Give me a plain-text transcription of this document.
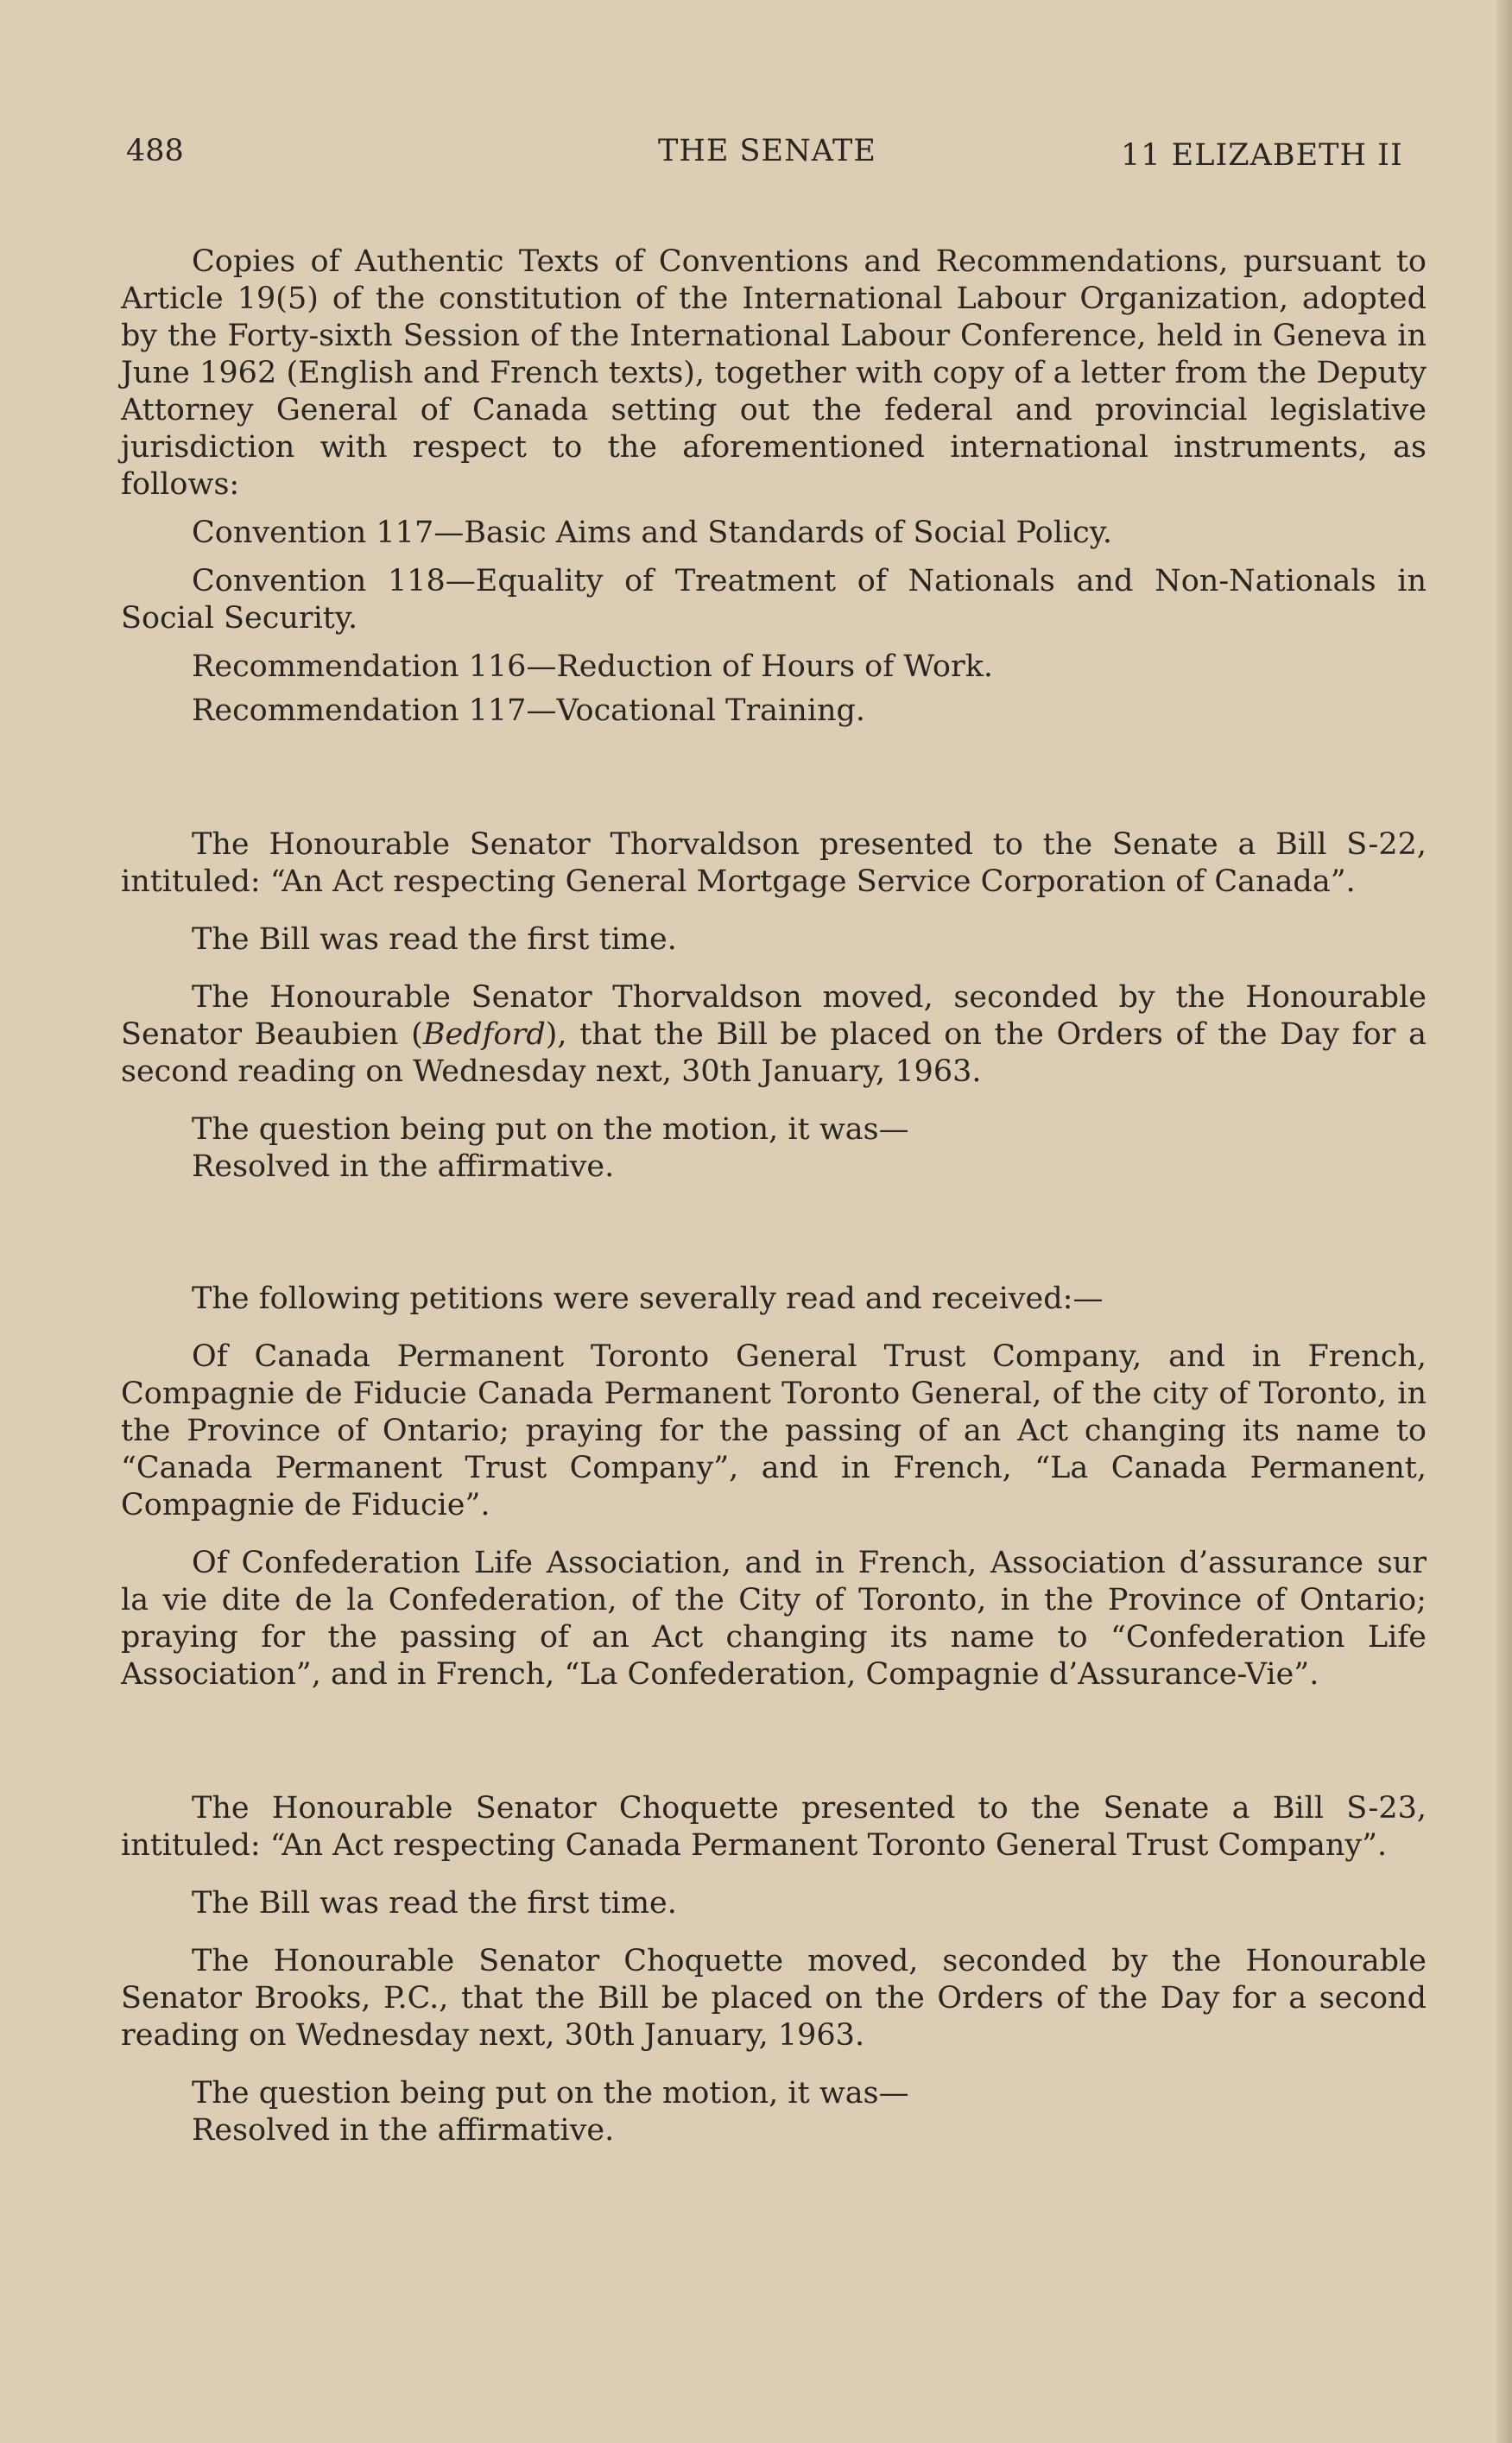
488	THE SENATE	11 ELIZABETH II

Copies of Authentic Texts of Conventions and Recommendations, pursuant to Article 19(5) of the constitution of the International Labour Organization, adopted by the Forty-sixth Session of the International Labour Conference, held in Geneva in June 1962 (English and French texts), together with copy of a letter from the Deputy Attorney General of Canada setting out the federal and provincial legislative jurisdiction with respect to the aforementioned international instruments, as follows:

Convention 117—Basic Aims and Standards of Social Policy.

Convention 118—Equality of Treatment of Nationals and Non-Nationals in Social Security.

Recommendation 116—Reduction of Hours of Work.

Recommendation 117—Vocational Training.

The Honourable Senator Thorvaldson presented to the Senate a Bill S-22, intituled: “An Act respecting General Mortgage Service Corporation of Canada”.

The Bill was read the first time.

The Honourable Senator Thorvaldson moved, seconded by the Honourable Senator Beaubien (Bedford), that the Bill be placed on the Orders of the Day for a second reading on Wednesday next, 30th January, 1963.

The question being put on the motion, it was—

Resolved in the affirmative.

The following petitions were severally read and received:—

Of Canada Permanent Toronto General Trust Company, and in French, Compagnie de Fiducie Canada Permanent Toronto General, of the city of Toronto, in the Province of Ontario; praying for the passing of an Act changing its name to “Canada Permanent Trust Company”, and in French, “La Canada Permanent, Compagnie de Fiducie”.

Of Confederation Life Association, and in French, Association d’assurance sur la vie dite de la Confederation, of the City of Toronto, in the Province of Ontario; praying for the passing of an Act changing its name to “Confederation Life Association”, and in French, “La Confederation, Compagnie d’Assurance-Vie”.

The Honourable Senator Choquette presented to the Senate a Bill S-23, intituled: “An Act respecting Canada Permanent Toronto General Trust Company”.

The Bill was read the first time.

The Honourable Senator Choquette moved, seconded by the Honourable Senator Brooks, P.C., that the Bill be placed on the Orders of the Day for a second reading on Wednesday next, 30th January, 1963.

The question being put on the motion, it was—

Resolved in the affirmative.
